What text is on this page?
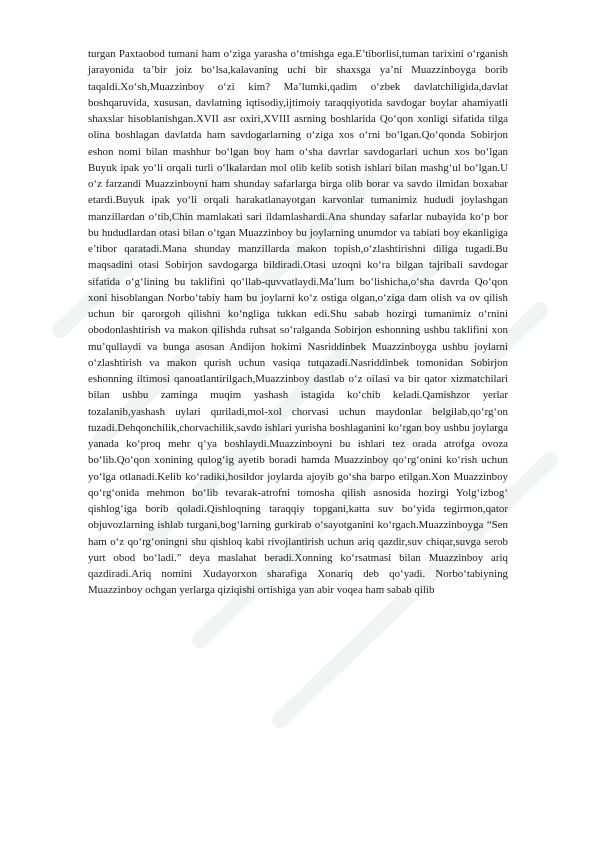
turgan Paxtaobod tumani ham o‘ziga yarasha o‘tmishga ega.E’tiborlisi,tuman tarixini o‘rganish jarayonida ta’bir joiz bo‘lsa,kalavaning uchi bir shaxsga ya’ni Muazzinboyga borib taqaldi.Xo‘sh,Muazzinboy o‘zi kim? Ma’lumki,qadim o‘zbek davlatchiligida,davlat boshqaruvida, xususan, davlatning iqtisodiy,ijtimoiy taraqqiyotida savdogar boylar ahamiyatli shaxslar hisoblanishgan.XVII asr oxiri,XVIII asrning boshlarida Qo‘qon xonligi sifatida tilga olina boshlagan davlatda ham savdogarlarning o‘ziga xos o‘rni bo‘lgan.Qo‘qonda Sobirjon eshon nomi bilan mashhur bo‘lgan boy ham o‘sha davrlar savdogarlari uchun xos bo‘lgan Buyuk ipak yo‘li orqali turli o‘lkalardan mol olib kelib sotish ishlari bilan mashg‘ul bo‘lgan.U o‘z farzandi Muazzinboyni ham shunday safarlarga birga olib borar va savdo ilmidan boxabar etardi.Buyuk ipak yo‘li orqali harakatlanayotgan karvonlar tumanimiz hududi joylashgan manzillardan o‘tib,Chin mamlakati sari ildamlashardi.Ana shunday safarlar nubayida ko‘p bor bu hududlardan otasi bilan o‘tgan Muazzinboy bu joylarning unumdor va tabiati boy ekanligiga e’tibor qaratadi.Mana shunday manzillarda makon topish,o‘zlashtirishni diliga tugadi.Bu maqsadini otasi Sobirjon savdogarga bildiradi.Otasi uzoqni ko‘ra bilgan tajribali savdogar sifatida o‘g‘lining bu taklifini qo‘llab-quvvatlaydi.Ma’lum bo‘lishicha,o‘sha davrda Qo‘qon xoni hisoblangan Norbo‘tabiy ham bu joylarni ko‘z ostiga olgan,o‘ziga dam olish va ov qilish uchun bir qarorgoh qilishni ko‘ngliga tukkan edi.Shu sabab hozirgi tumanimiz o‘rnini obodonlashtirish va makon qilishda ruhsat so‘ralganda Sobirjon eshonning ushbu taklifini xon mu’qullaydi va bunga asosan Andijon hokimi Nasriddinbek Muazzinboyga ushbu joylarni o‘zlashtirish va makon qurish uchun vasiqa tutqazadi.Nasriddinbek tomonidan Sobirjon eshonning iltimosi qanoatlantirilgach,Muazzinboy dastlab o‘z oilasi va bir qator xizmatchilari bilan ushbu zaminga muqim yashash istagida ko‘chib keladi.Qamishzor yerlar tozalanib,yashash uylari quriladi,mol-xol chorvasi uchun maydonlar belgilab,qo‘rg‘on tuzadi.Dehqonchilik,chorvachilik,savdo ishlari yurisha boshlaganini ko‘rgan boy ushbu joylarga yanada ko‘proq mehr q‘ya boshlaydi.Muazzinboyni bu ishlari tez orada atrofga ovoza bo‘lib.Qo‘qon xonining qulog‘ig ayetib boradi hamda Muazzinboy qo‘rg‘onini ko‘rish uchun yo‘lga otlanadi.Kelib ko‘radiki,hosildor joylarda ajoyib go‘sha barpo etilgan.Xon Muazzinboy qo‘rg‘onida mehmon bo‘lib tevarak-atrofni tomosha qilish asnosida hozirgi Yolg‘izbog‘ qishlog‘iga borib qoladi.Qishloqning taraqqiy topgani,katta suv bo‘yida tegirmon,qator objuvozlarning ishlab turgani,bog‘larning gurkirab o‘sayotganini ko‘rgach.Muazzinboyga “Sen ham o‘z qo‘rg‘oningni shu qishloq kabi rivojlantirish uchun ariq qazdir,suv chiqar,suvga serob yurt obod bo‘ladi.” deya maslahat beradi.Xonning ko‘rsatmasi bilan Muazzinboy ariq qazdiradi.Ariq nomini Xudayorxon sharafiga Xonariq deb qo‘yadi. Norbo‘tabiyning Muazzinboy ochgan yerlarga qiziqishi ortishiga yan abir voqea ham sabab qilib
